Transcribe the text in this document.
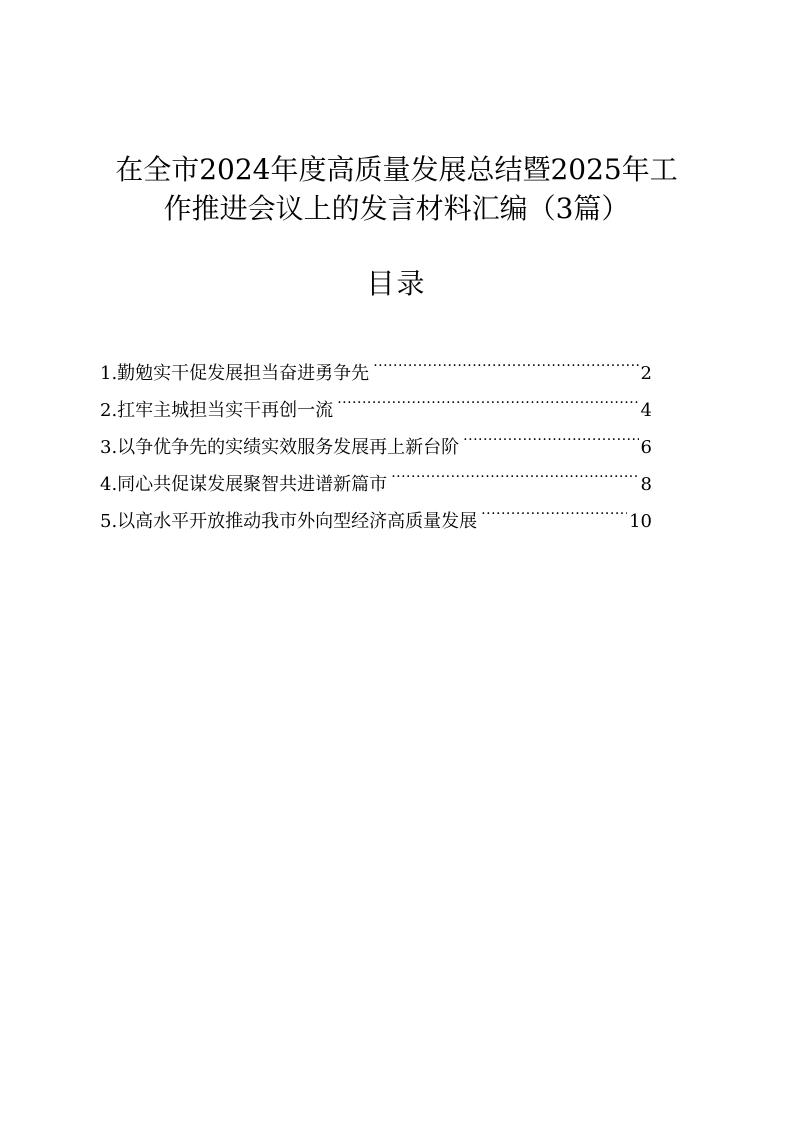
在全市2024年度高质量发展总结暨2025年工
作推进会议上的发言材料汇编（3篇）
目录
1.勤勉实干促发展担当奋进勇争先 .....	2
2.扛牢主城担当实干再创一流 .....	4
3.以争优争先的实绩实效服务发展再上新台阶 .....	6
4.同心共促谋发展聚智共进谱新篇市 .....	8
5.以高水平开放推动我市外向型经济高质量发展 .....	10
